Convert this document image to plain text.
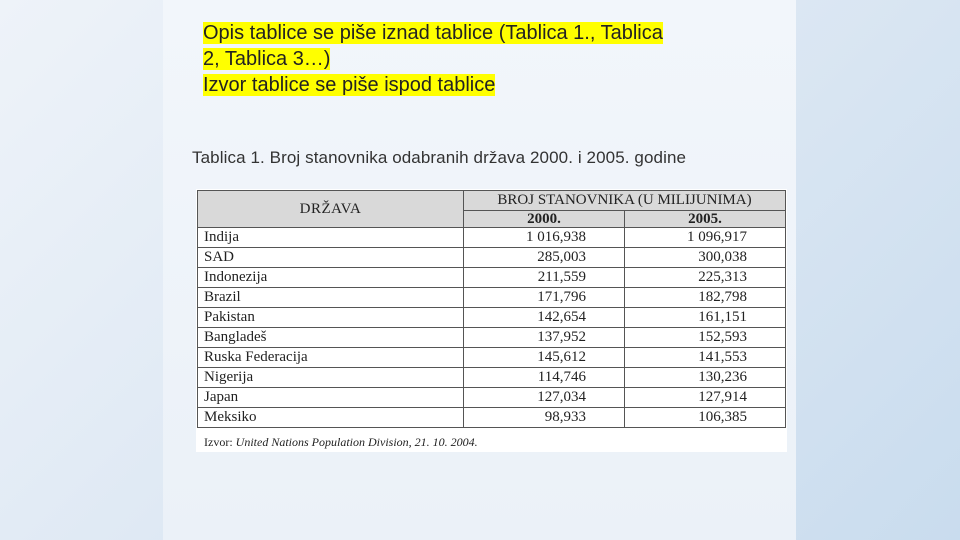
Opis tablice se piše iznad tablice (Tablica 1., Tablica
2, Tablica 3…)
Izvor tablice se piše ispod tablice
Tablica 1. Broj stanovnika odabranih država 2000. i 2005. godine
DRŽAVA	BROJ STANOVNIKA (U MILIJUNIMA)	
	2000.	2005.
Indija	1 016,938	1 096,917
SAD	285,003	300,038
Indonezija	211,559	225,313
Brazil	171,796	182,798
Pakistan	142,654	161,151
Bangladeš	137,952	152,593
Ruska Federacija	145,612	141,553
Nigerija	114,746	130,236
Japan	127,034	127,914
Meksiko	98,933	106,385
Izvor: United Nations Population Division, 21. 10. 2004.
